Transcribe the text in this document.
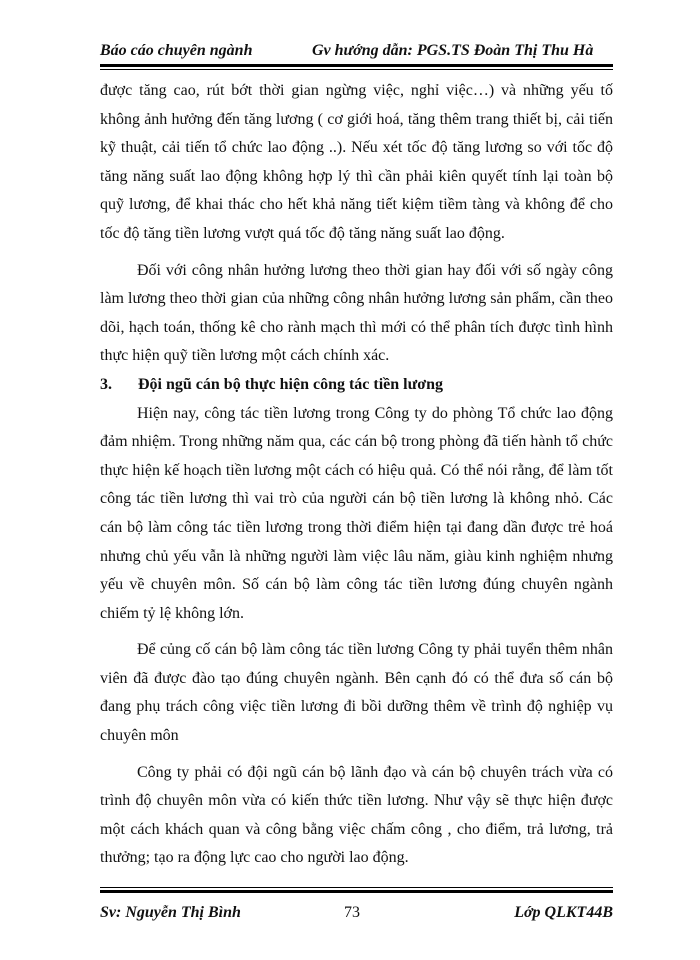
Báo cáo chuyên ngành	Gv hướng dẫn: PGS.TS Đoàn Thị Thu Hà

được tăng cao, rút bớt thời gian ngừng việc, nghỉ việc…) và những yếu tố không ảnh hưởng đến tăng lương ( cơ giới hoá, tăng thêm trang thiết bị, cải tiến kỹ thuật, cải tiến tổ chức lao động ..). Nếu xét tốc độ tăng lương so với tốc độ tăng năng suất lao động không hợp lý thì cần phải kiên quyết tính lại toàn bộ quỹ lương, để khai thác cho hết khả năng tiết kiệm tiềm tàng và không để cho tốc độ tăng tiền lương vượt quá tốc độ tăng năng suất lao động.

Đối với công nhân hưởng lương theo thời gian hay đối với số ngày công làm lương theo thời gian của những công nhân hưởng lương sản phẩm, cần theo dõi, hạch toán, thống kê cho rành mạch thì mới có thể phân tích được tình hình thực hiện quỹ tiền lương một cách chính xác.

3. Đội ngũ cán bộ thực hiện công tác tiền lương

Hiện nay, công tác tiền lương trong Công ty do phòng Tổ chức lao động đảm nhiệm. Trong những năm qua, các cán bộ trong phòng đã tiến hành tổ chức thực hiện kế hoạch tiền lương một cách có hiệu quả. Có thể nói rằng, để làm tốt công tác tiền lương thì vai trò của người cán bộ tiền lương là không nhỏ. Các cán bộ làm công tác tiền lương trong thời điểm hiện tại đang dần được trẻ hoá nhưng chủ yếu vẫn là những người làm việc lâu năm, giàu kinh nghiệm nhưng yếu về chuyên môn. Số cán bộ làm công tác tiền lương đúng chuyên ngành chiếm tỷ lệ không lớn.

Để củng cố cán bộ làm công tác tiền lương Công ty phải tuyển thêm nhân viên đã được đào tạo đúng chuyên ngành. Bên cạnh đó có thể đưa số cán bộ đang phụ trách công việc tiền lương đi bồi dưỡng thêm về trình độ nghiệp vụ chuyên môn

Công ty phải có đội ngũ cán bộ lãnh đạo và cán bộ chuyên trách vừa có trình độ chuyên môn vừa có kiến thức tiền lương. Như vậy sẽ thực hiện được một cách khách quan và công bằng việc chấm công , cho điểm, trả lương, trả thưởng; tạo ra động lực cao cho người lao động.

Sv: Nguyễn Thị Bình	73	Lớp QLKT44B
